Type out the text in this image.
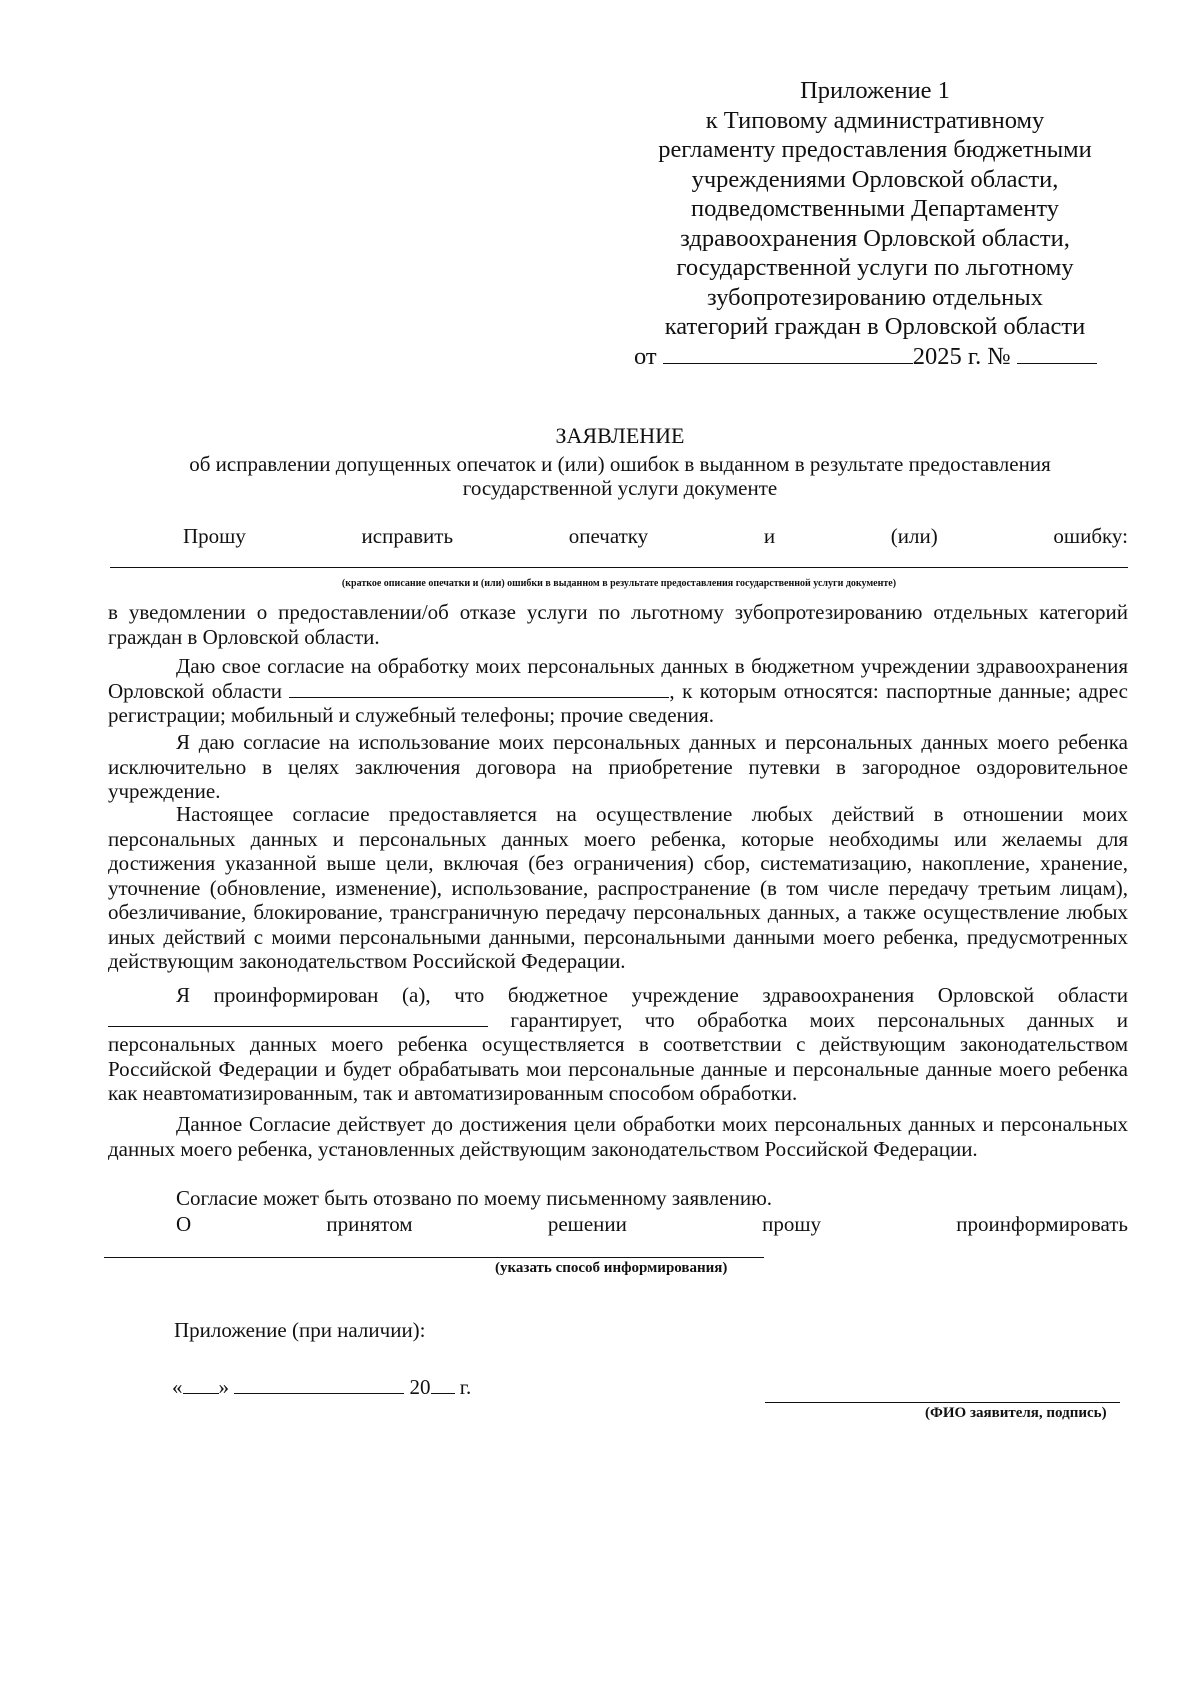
Приложение 1
к Типовому административному
регламенту предоставления бюджетными
учреждениями Орловской области,
подведомственными Департаменту
здравоохранения Орловской области,
государственной услуги по льготному
зубопротезированию отдельных
категорий граждан в Орловской области
от	2025 г. №
ЗАЯВЛЕНИЕ
об исправлении допущенных опечаток и (или) ошибок в выданном в результате предоставления
государственной услуги документе
Прошу	исправить	опечатку	и	(или)	ошибку:
(краткое описание опечатки и (или) ошибки в выданном в результате предоставления государственной услуги документе)
в уведомлении о предоставлении/об отказе услуги по льготному зубопротезированию отдельных категорий граждан в Орловской области.
Даю свое согласие на обработку моих персональных данных в бюджетном учреждении здравоохранения Орловской области	, к которым относятся: паспортные данные; адрес регистрации; мобильный и служебный телефоны; прочие сведения.
Я даю согласие на использование моих персональных данных и персональных данных моего ребенка исключительно в целях заключения договора на приобретение путевки в загородное оздоровительное учреждение.
Настоящее согласие предоставляется на осуществление любых действий в отношении моих персональных данных и персональных данных моего ребенка, которые необходимы или желаемы для достижения указанной выше цели, включая (без ограничения) сбор, систематизацию, накопление, хранение, уточнение (обновление, изменение), использование, распространение (в том числе передачу третьим лицам), обезличивание, блокирование, трансграничную передачу персональных данных, а также осуществление любых иных действий с моими персональными данными, персональными данными моего ребенка, предусмотренных действующим законодательством Российской Федерации.
Я проинформирован (а), что бюджетное учреждение здравоохранения Орловской области  гарантирует, что обработка моих персональных данных и персональных данных моего ребенка осуществляется в соответствии с действующим законодательством Российской Федерации и будет обрабатывать мои персональные данные и персональные данные моего ребенка как неавтоматизированным, так и автоматизированным способом обработки.
Данное Согласие действует до достижения цели обработки моих персональных данных и персональных данных моего ребенка, установленных действующим законодательством Российской Федерации.
Согласие может быть отозвано по моему письменному заявлению.
О	принятом	решении	прошу	проинформировать
(указать способ информирования)
Приложение (при наличии):
« »	20 г.
(ФИО заявителя, подпись)
